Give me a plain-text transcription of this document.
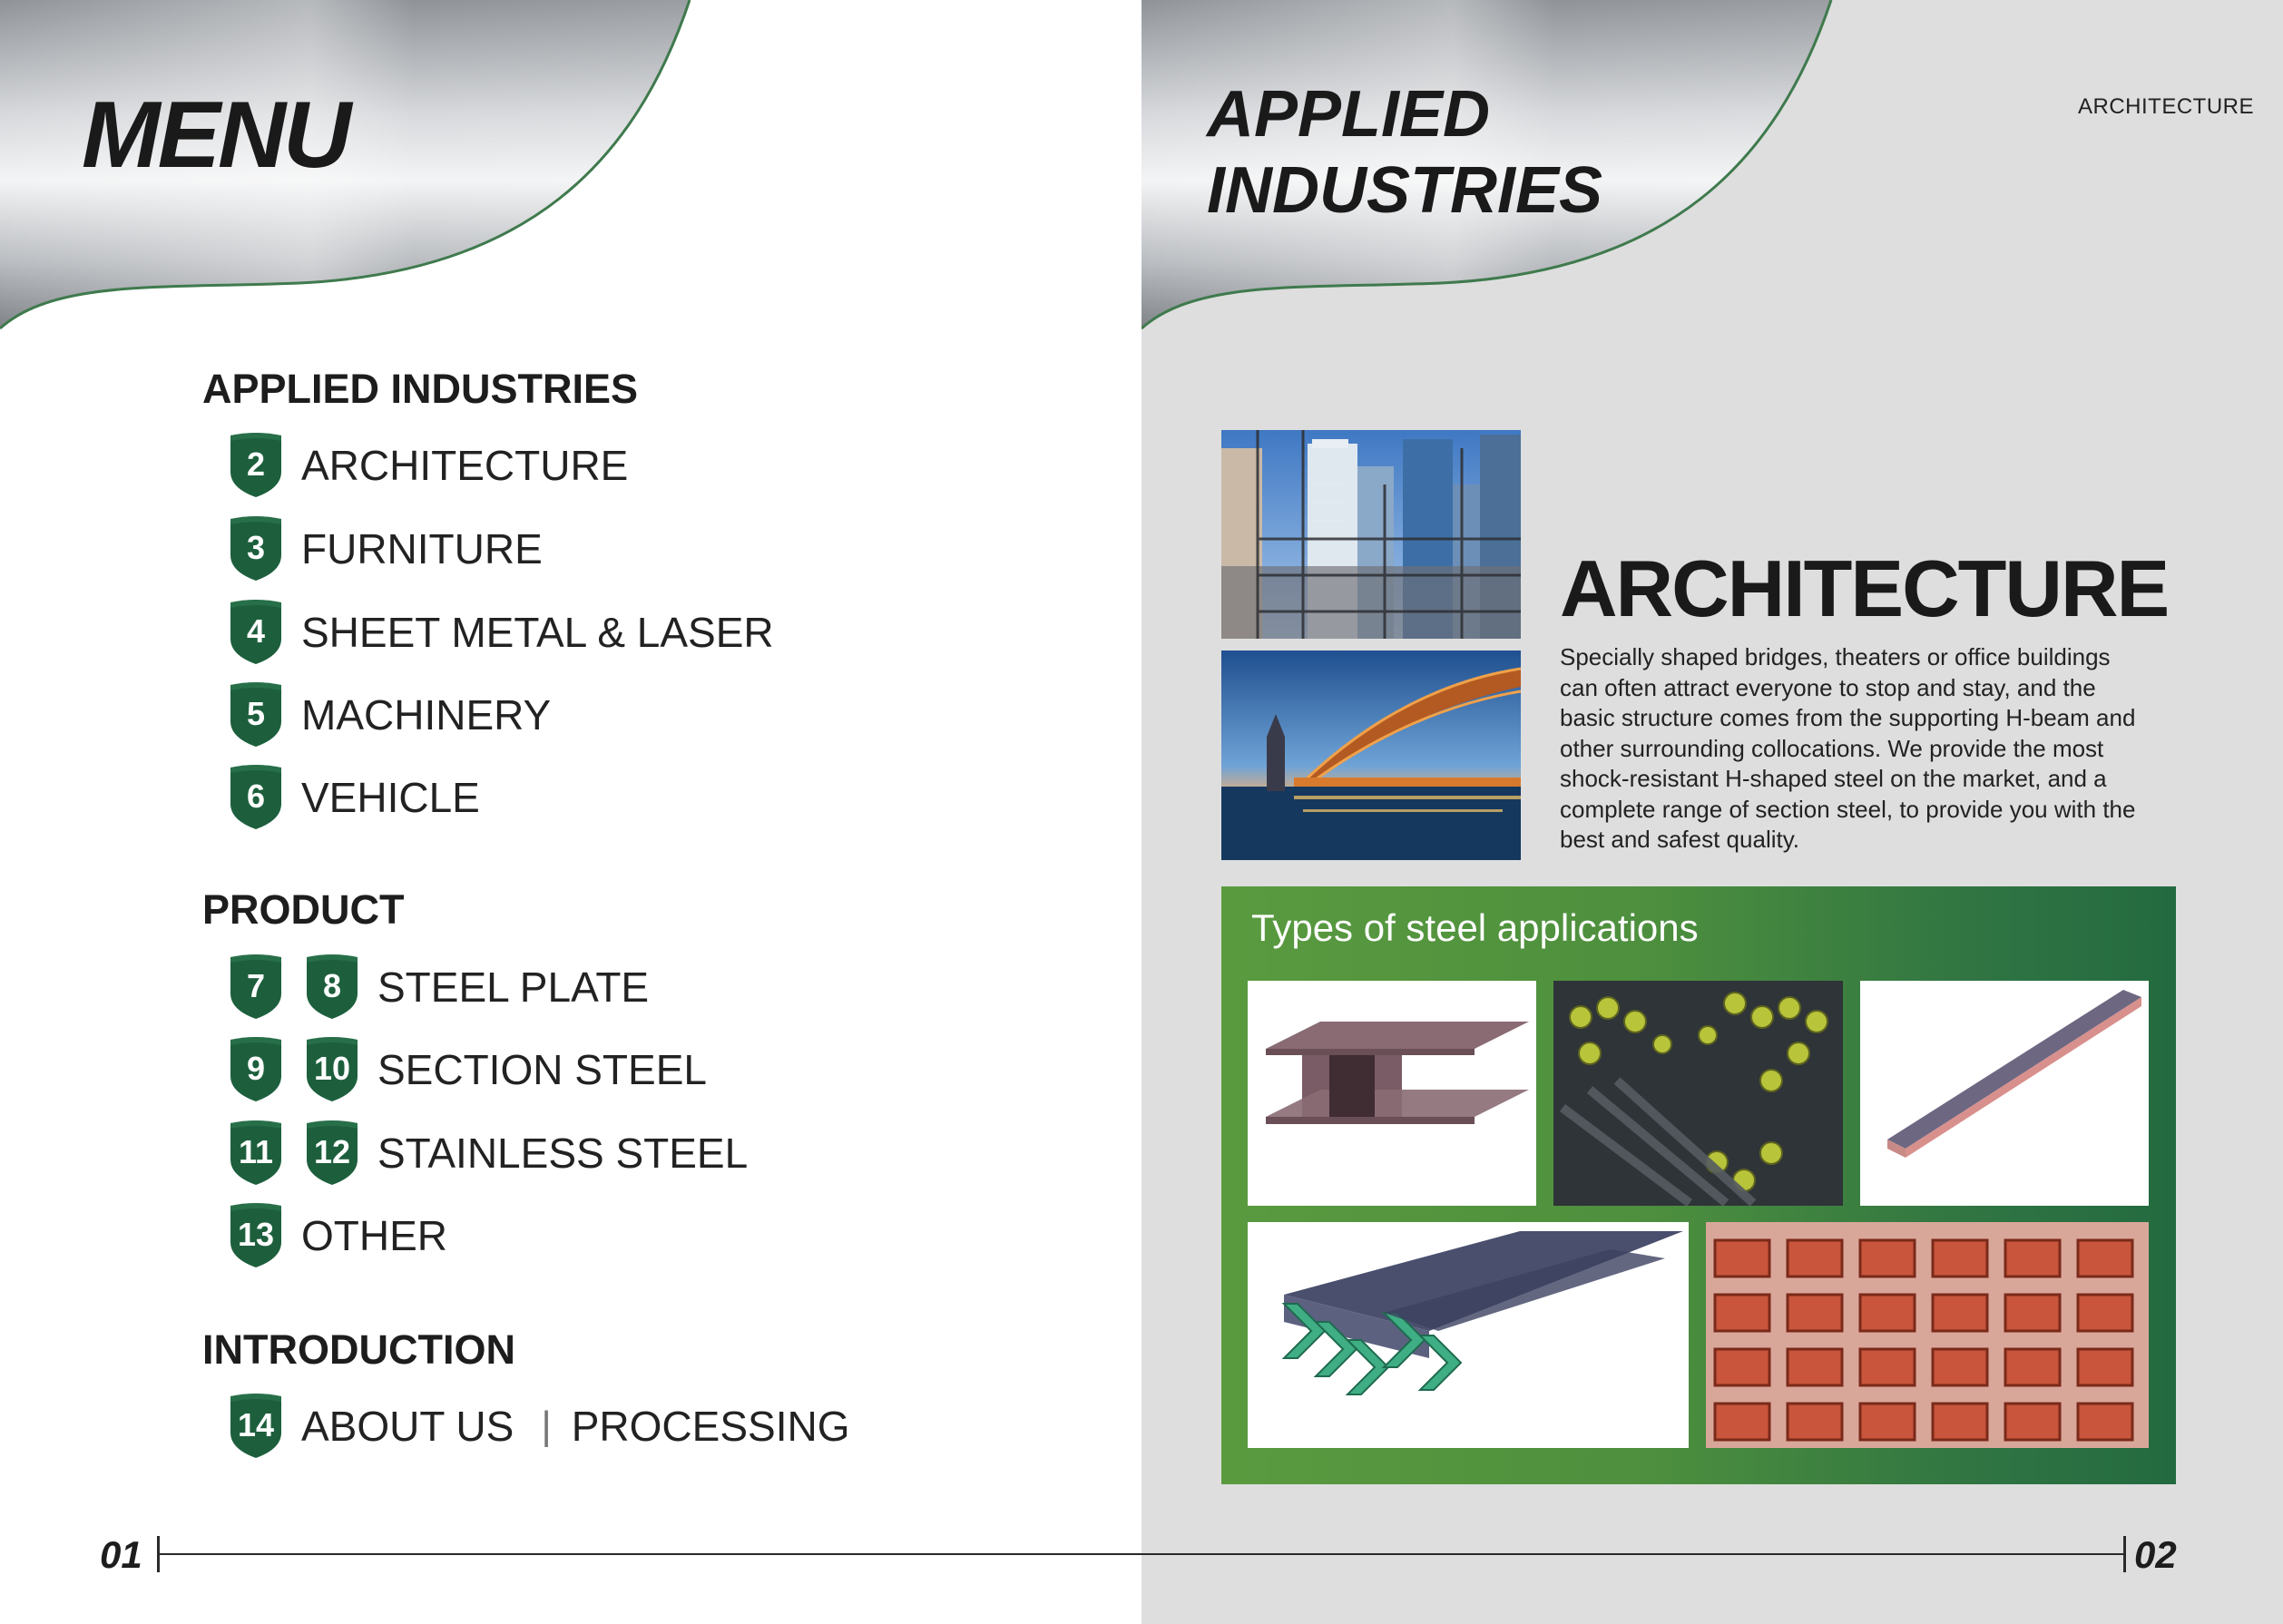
MENU
APPLIED INDUSTRIES
2 ARCHITECTURE
3 FURNITURE
4 SHEET METAL & LASER
5 MACHINERY
6 VEHICLE
PRODUCT
7 8 STEEL PLATE
9 10 SECTION STEEL
11 12 STAINLESS STEEL
13 OTHER
INTRODUCTION
14 ABOUT US | PROCESSING
01
APPLIED
INDUSTRIES
ARCHITECTURE
ARCHITECTURE

Specially shaped bridges, theaters or office buildings can often attract everyone to stop and stay, and the basic structure comes from the supporting H-beam and other surrounding collocations. We provide the most shock-resistant H-shaped steel on the market, and a complete range of section steel, to provide you with the best and safest quality.

Types of steel applications
02
